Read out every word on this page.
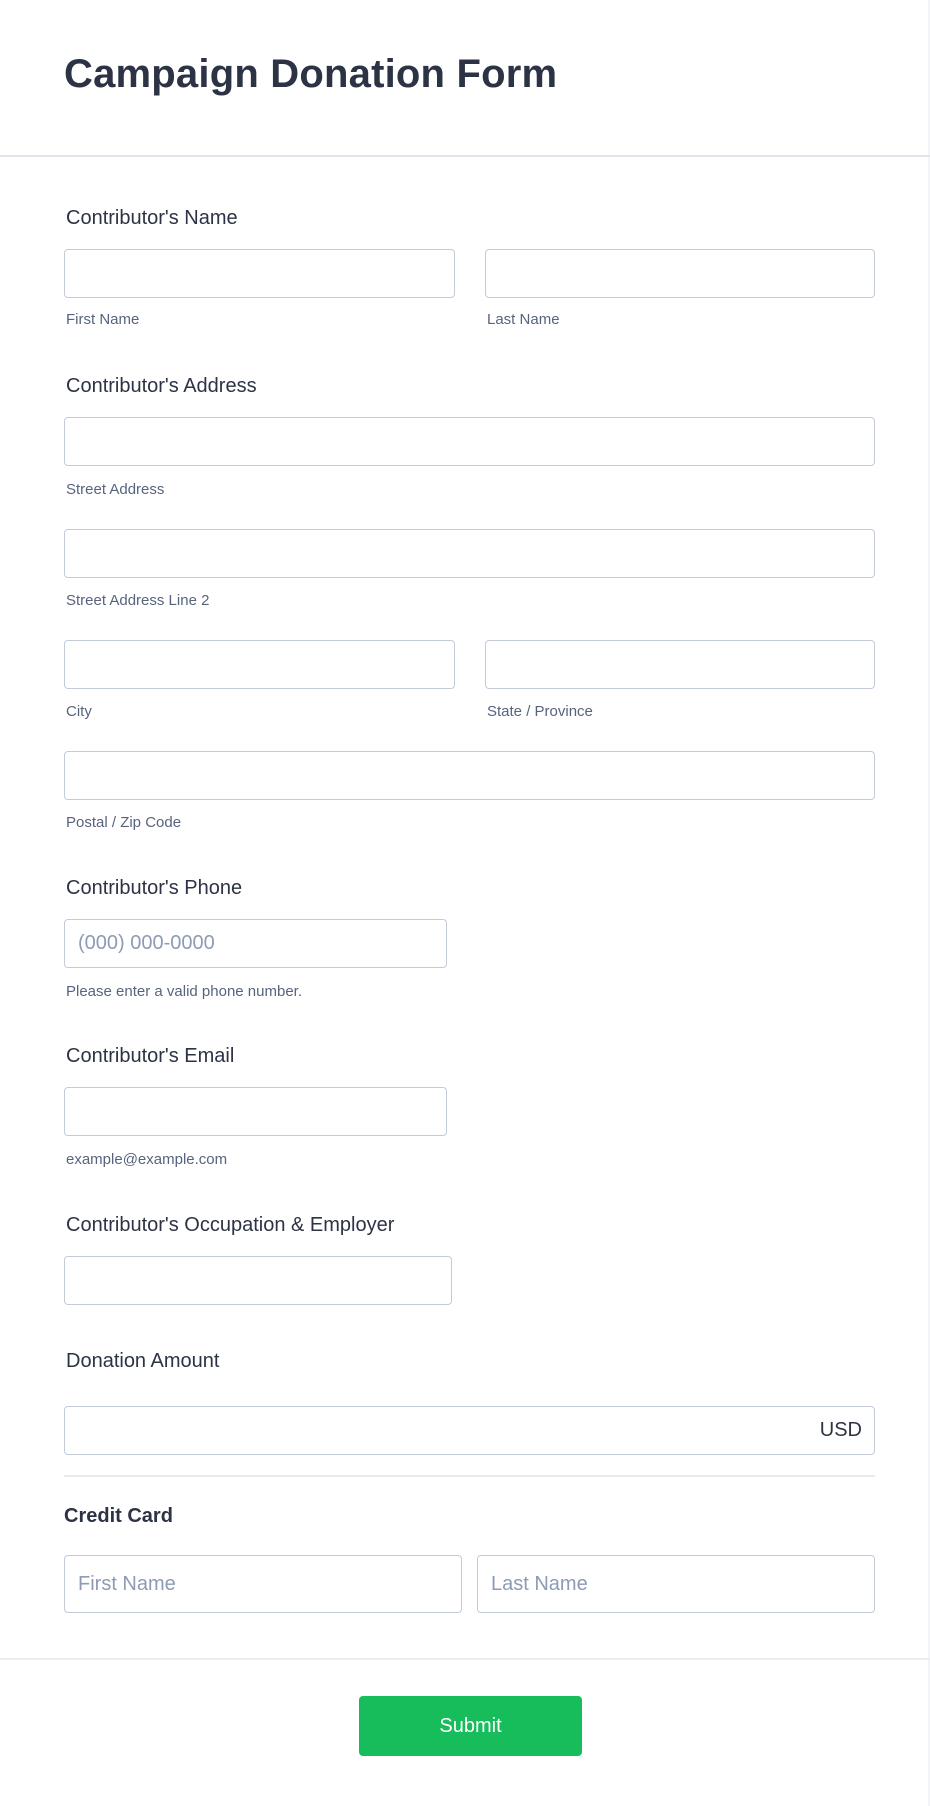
Campaign Donation Form
Contributor's Name
First Name	Last Name
Contributor's Address
Street Address
Street Address Line 2
City	State / Province
Postal / Zip Code
Contributor's Phone
(000) 000-0000
Please enter a valid phone number.
Contributor's Email
example@example.com
Contributor's Occupation & Employer
Donation Amount
USD
Credit Card
First Name
Last Name
Submit
